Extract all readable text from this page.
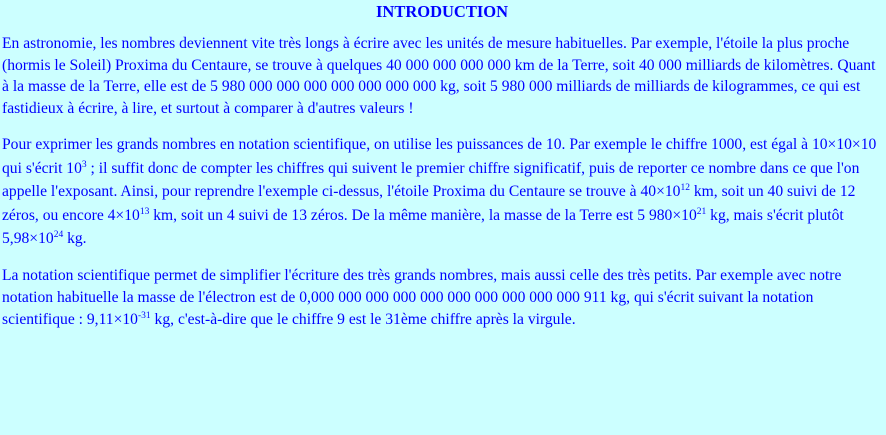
INTRODUCTION

En astronomie, les nombres deviennent vite très longs à écrire avec les unités de mesure habituelles. Par exemple, l'étoile la plus proche (hormis le Soleil) Proxima du Centaure, se trouve à quelques 40 000 000 000 000 km de la Terre, soit 40 000 milliards de kilomètres. Quant à la masse de la Terre, elle est de 5 980 000 000 000 000 000 000 000 kg, soit 5 980 000 milliards de milliards de kilogrammes, ce qui est fastidieux à écrire, à lire, et surtout à comparer à d'autres valeurs !

Pour exprimer les grands nombres en notation scientifique, on utilise les puissances de 10. Par exemple le chiffre 1000, est égal à 10×10×10 qui s'écrit $10^3$ ; il suffit donc de compter les chiffres qui suivent le premier chiffre significatif, puis de reporter ce nombre dans ce que l'on appelle l'exposant. Ainsi, pour reprendre l'exemple ci-dessus, l'étoile Proxima du Centaure se trouve à $40\times 10^{12}$ km, soit un 40 suivi de 12 zéros, ou encore $4\times 10^{13}$ km, soit un 4 suivi de 13 zéros. De la même manière, la masse de la Terre est 5 $980\times 10^{21}$ kg, mais s'écrit plutôt $5,98\times 10^{24}$ kg.

La notation scientifique permet de simplifier l'écriture des très grands nombres, mais aussi celle des très petits. Par exemple avec notre notation habituelle la masse de l'électron est de 0,000 000 000 000 000 000 000 000 000 000 911 kg, qui s'écrit suivant la notation scientifique : $9,11\times 10^{-31}$ kg, c'est-à-dire que le chiffre 9 est le 31ème chiffre après la virgule.
